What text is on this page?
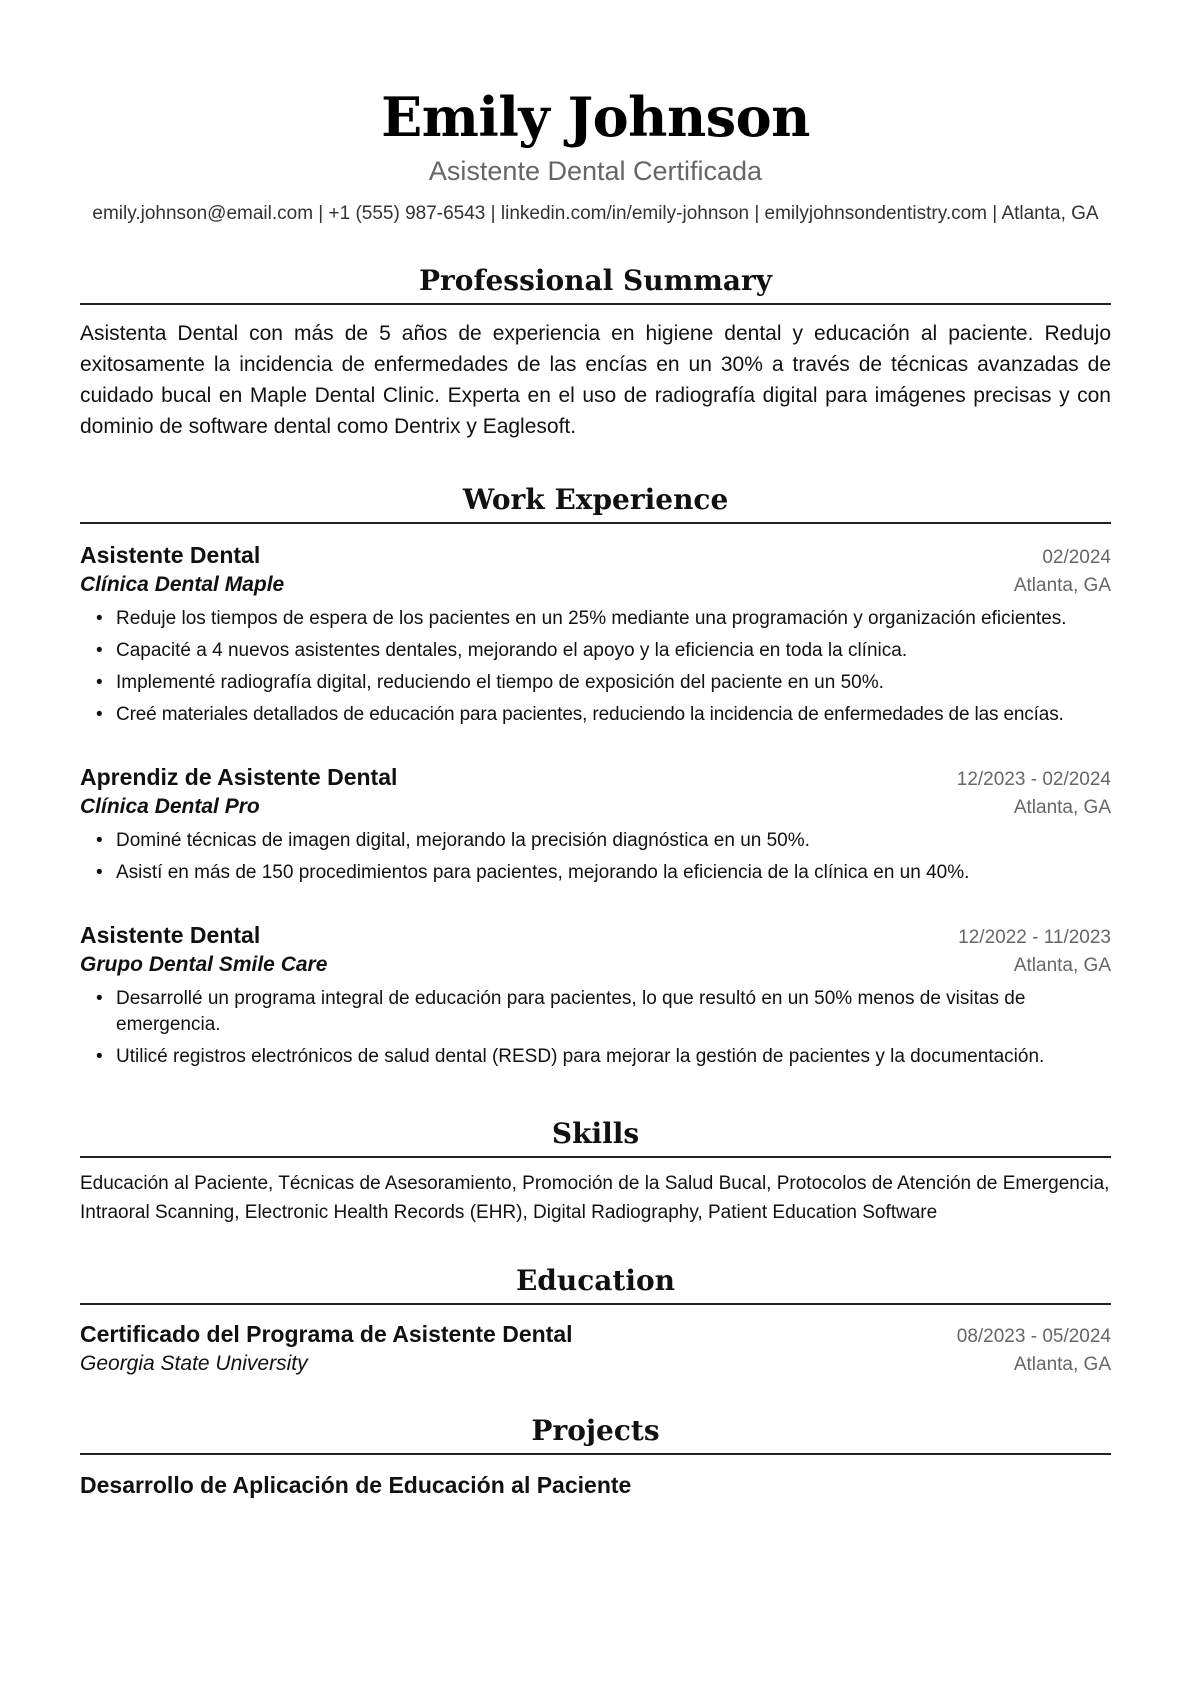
Emily Johnson
Asistente Dental Certificada
emily.johnson@email.com | +1 (555) 987-6543 | linkedin.com/in/emily-johnson | emilyjohnsondentistry.com | Atlanta, GA
Professional Summary
Asistenta Dental con más de 5 años de experiencia en higiene dental y educación al paciente. Redujo exitosamente la incidencia de enfermedades de las encías en un 30% a través de técnicas avanzadas de cuidado bucal en Maple Dental Clinic. Experta en el uso de radiografía digital para imágenes precisas y con dominio de software dental como Dentrix y Eaglesoft.
Work Experience
Asistente Dental	02/2024
Clínica Dental Maple	Atlanta, GA
• Reduje los tiempos de espera de los pacientes en un 25% mediante una programación y organización eficientes.
• Capacité a 4 nuevos asistentes dentales, mejorando el apoyo y la eficiencia en toda la clínica.
• Implementé radiografía digital, reduciendo el tiempo de exposición del paciente en un 50%.
• Creé materiales detallados de educación para pacientes, reduciendo la incidencia de enfermedades de las encías.
Aprendiz de Asistente Dental	12/2023 - 02/2024
Clínica Dental Pro	Atlanta, GA
• Dominé técnicas de imagen digital, mejorando la precisión diagnóstica en un 50%.
• Asistí en más de 150 procedimientos para pacientes, mejorando la eficiencia de la clínica en un 40%.
Asistente Dental	12/2022 - 11/2023
Grupo Dental Smile Care	Atlanta, GA
• Desarrollé un programa integral de educación para pacientes, lo que resultó en un 50% menos de visitas de emergencia.
• Utilicé registros electrónicos de salud dental (RESD) para mejorar la gestión de pacientes y la documentación.
Skills
Educación al Paciente, Técnicas de Asesoramiento, Promoción de la Salud Bucal, Protocolos de Atención de Emergencia, Intraoral Scanning, Electronic Health Records (EHR), Digital Radiography, Patient Education Software
Education
Certificado del Programa de Asistente Dental	08/2023 - 05/2024
Georgia State University	Atlanta, GA
Projects
Desarrollo de Aplicación de Educación al Paciente
